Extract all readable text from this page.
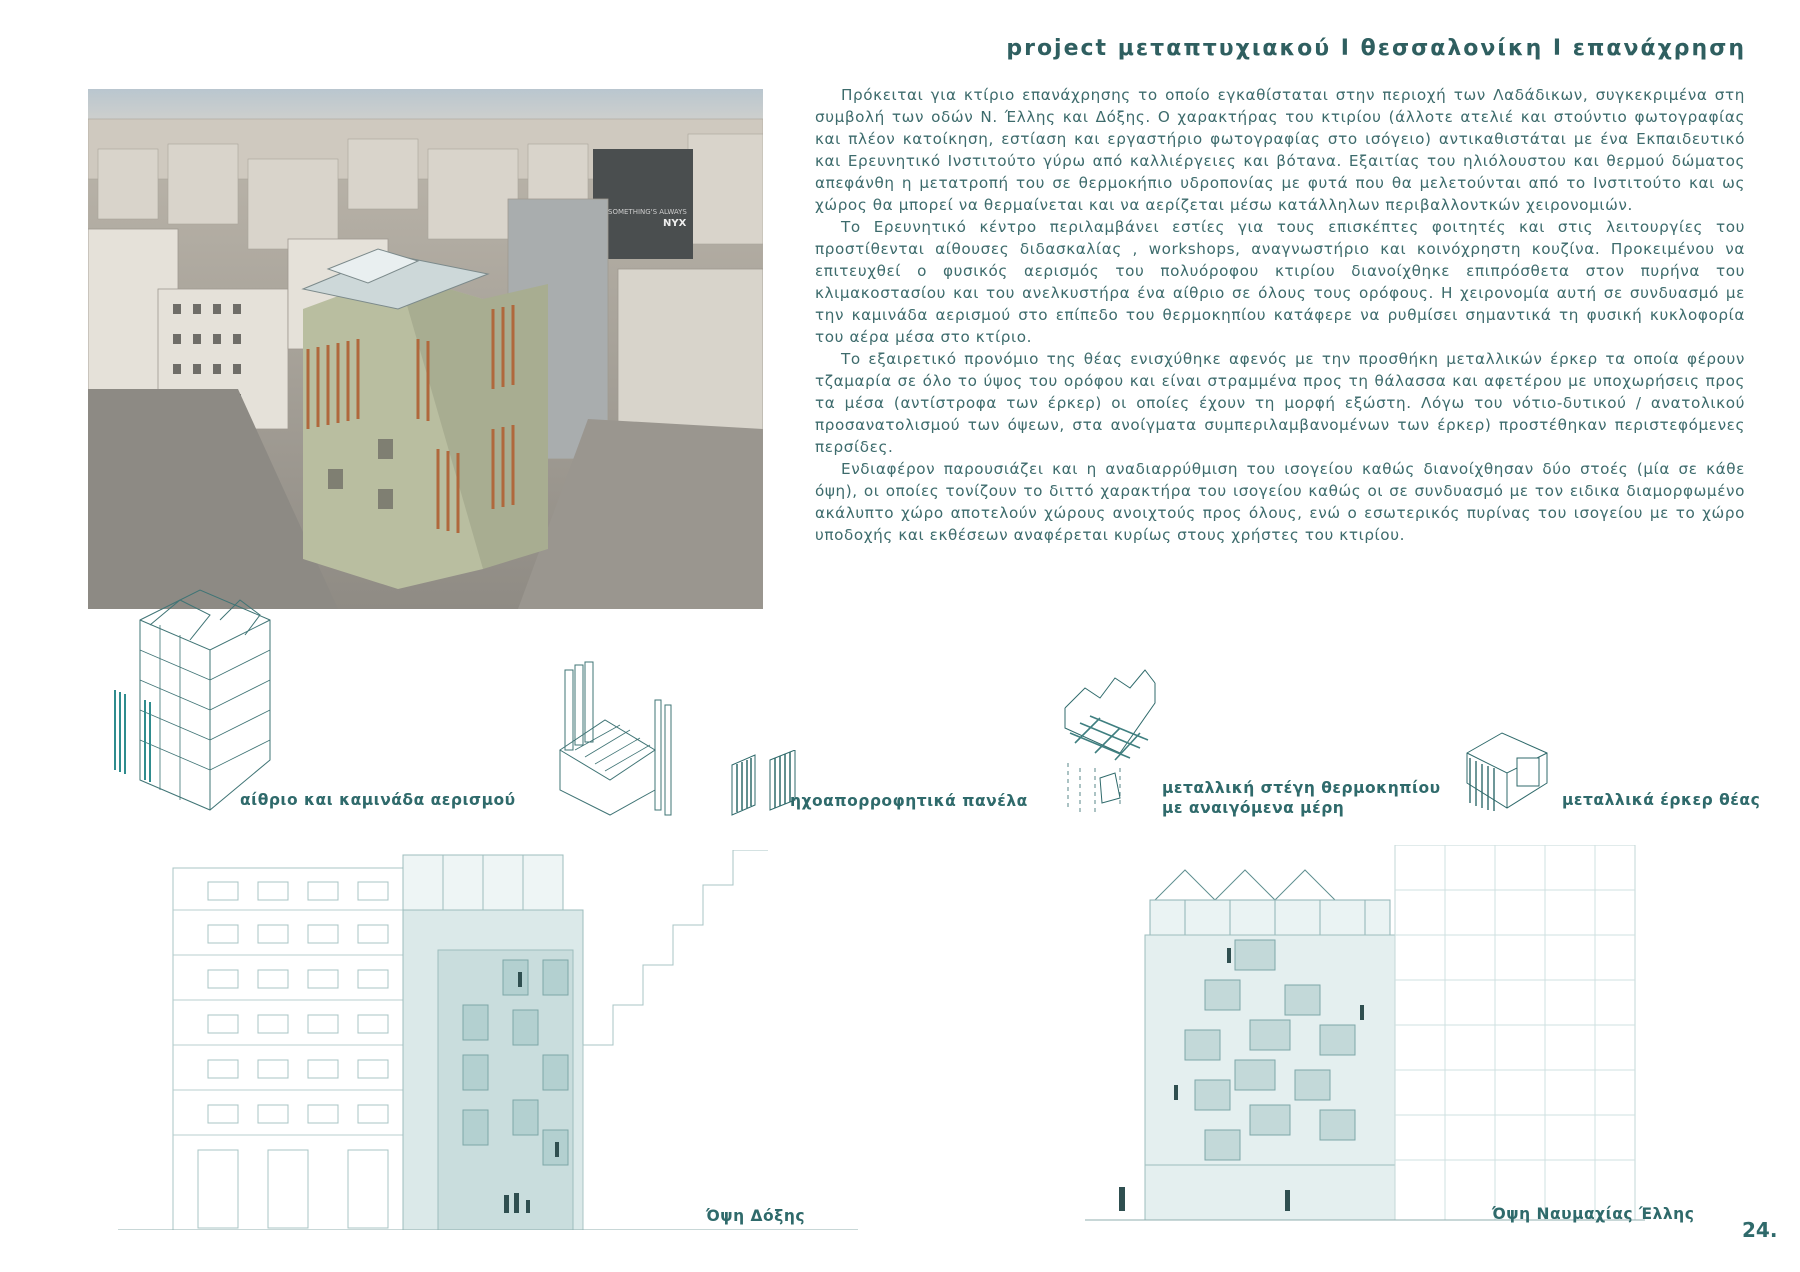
project μεταπτυχιακού Ι θεσσαλονίκη Ι επανάχρηση
SOMETHING'S ALWAYS
NYX

Πρόκειται για κτίριο επανάχρησης το οποίο εγκαθίσταται στην περιοχή των Λαδάδικων, συγκεκριμένα στη συμβολή των οδών Ν. Έλλης και Δόξης. Ο χαρακτήρας του κτιρίου (άλλοτε ατελιέ και στούντιο φωτογραφίας και πλέον κατοίκηση, εστίαση και εργαστήριο φωτογραφίας στο ισόγειο) αντικαθιστάται με ένα Εκπαιδευτικό και Ερευνητικό Ινστιτούτο γύρω από καλλιέργειες και βότανα. Εξαιτίας του ηλιόλουστου και θερμού δώματος απεφάνθη η μετατροπή του σε θερμοκήπιο υδροπονίας με φυτά που θα μελετούνται από το Ινστιτούτο και ως χώρος θα μπορεί να θερμαίνεται και να αερίζεται μέσω κατάλληλων περιβαλλοντκών χειρονομιών.

Το Ερευνητικό κέντρο περιλαμβάνει εστίες για τους επισκέπτες φοιτητές και στις λειτουργίες του προστίθενται αίθουσες διδασκαλίας , workshops, αναγνωστήριο και κοινόχρηστη κουζίνα. Προκειμένου να επιτευχθεί ο φυσικός αερισμός του πολυόροφου κτιρίου διανοίχθηκε επιπρόσθετα στον πυρήνα του κλιμακοστασίου και του ανελκυστήρα ένα αίθριο σε όλους τους ορόφους. Η χειρονομία αυτή σε συνδυασμό με την καμινάδα αερισμού στο επίπεδο του θερμοκηπίου κατάφερε να ρυθμίσει σημαντικά τη φυσική κυκλοφορία του αέρα μέσα στο κτίριο.

Το εξαιρετικό προνόμιο της θέας ενισχύθηκε αφενός με την προσθήκη μεταλλικών έρκερ τα οποία φέρουν τζαμαρία σε όλο το ύψος του ορόφου και είναι στραμμένα προς τη θάλασσα και αφετέρου με υποχωρήσεις προς τα μέσα (αντίστροφα των έρκερ) οι οποίες έχουν τη μορφή εξώστη. Λόγω του νότιο-δυτικού / ανατολικού προσανατολισμού των όψεων, στα ανοίγματα συμπεριλαμβανομένων των έρκερ) προστέθηκαν περιστεφόμενες περσίδες.

Ενδιαφέρον παρουσιάζει και η αναδιαρρύθμιση του ισογείου καθώς διανοίχθησαν δύο στοές (μία σε κάθε όψη), οι οποίες τονίζουν το διττό χαρακτήρα του ισογείου καθώς οι σε συνδυασμό με τον ειδικα διαμορφωμένο ακάλυπτο χώρο αποτελούν χώρους ανοιχτούς προς όλους, ενώ ο εσωτερικός πυρίνας του ισογείου με το χώρο υποδοχής και εκθέσεων αναφέρεται κυρίως στους χρήστες του κτιρίου.

αίθριο και καμινάδα αερισμού	ηχοαπορροφητικά πανέλα
μεταλλική στέγη θερμοκηπίου
με αναιγόμενα μέρη	μεταλλικά έρκερ θέας
Όψη Δόξης	Όψη Ναυμαχίας Έλλης
24.
